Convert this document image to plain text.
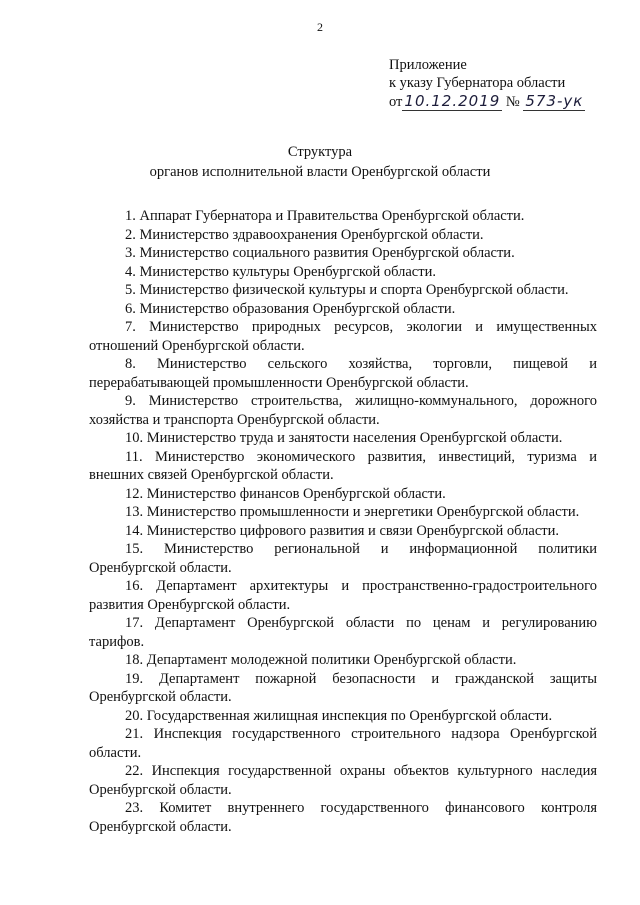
2
Приложение
к указу Губернатора области
от 10.12.2019 № 573-ук
Структура
органов исполнительной власти Оренбургской области

1. Аппарат Губернатора и Правительства Оренбургской области.

2. Министерство здравоохранения Оренбургской области.

3. Министерство социального развития Оренбургской области.

4. Министерство культуры Оренбургской области.

5. Министерство физической культуры и спорта Оренбургской области.

6. Министерство образования Оренбургской области.

7. Министерство природных ресурсов, экологии и имущественных отношений Оренбургской области.

8. Министерство сельского хозяйства, торговли, пищевой и перерабатывающей промышленности Оренбургской области.

9. Министерство строительства, жилищно-коммунального, дорожного хозяйства и транспорта Оренбургской области.

10. Министерство труда и занятости населения Оренбургской области.

11. Министерство экономического развития, инвестиций, туризма и внешних связей Оренбургской области.

12. Министерство финансов Оренбургской области.

13. Министерство промышленности и энергетики Оренбургской области.

14. Министерство цифрового развития и связи Оренбургской области.

15. Министерство региональной и информационной политики Оренбургской области.

16. Департамент архитектуры и пространственно-градостроительного развития Оренбургской области.

17. Департамент Оренбургской области по ценам и регулированию тарифов.

18. Департамент молодежной политики Оренбургской области.

19. Департамент пожарной безопасности и гражданской защиты Оренбургской области.

20. Государственная жилищная инспекция по Оренбургской области.

21. Инспекция государственного строительного надзора Оренбургской области.

22. Инспекция государственной охраны объектов культурного наследия Оренбургской области.

23. Комитет внутреннего государственного финансового контроля Оренбургской области.
